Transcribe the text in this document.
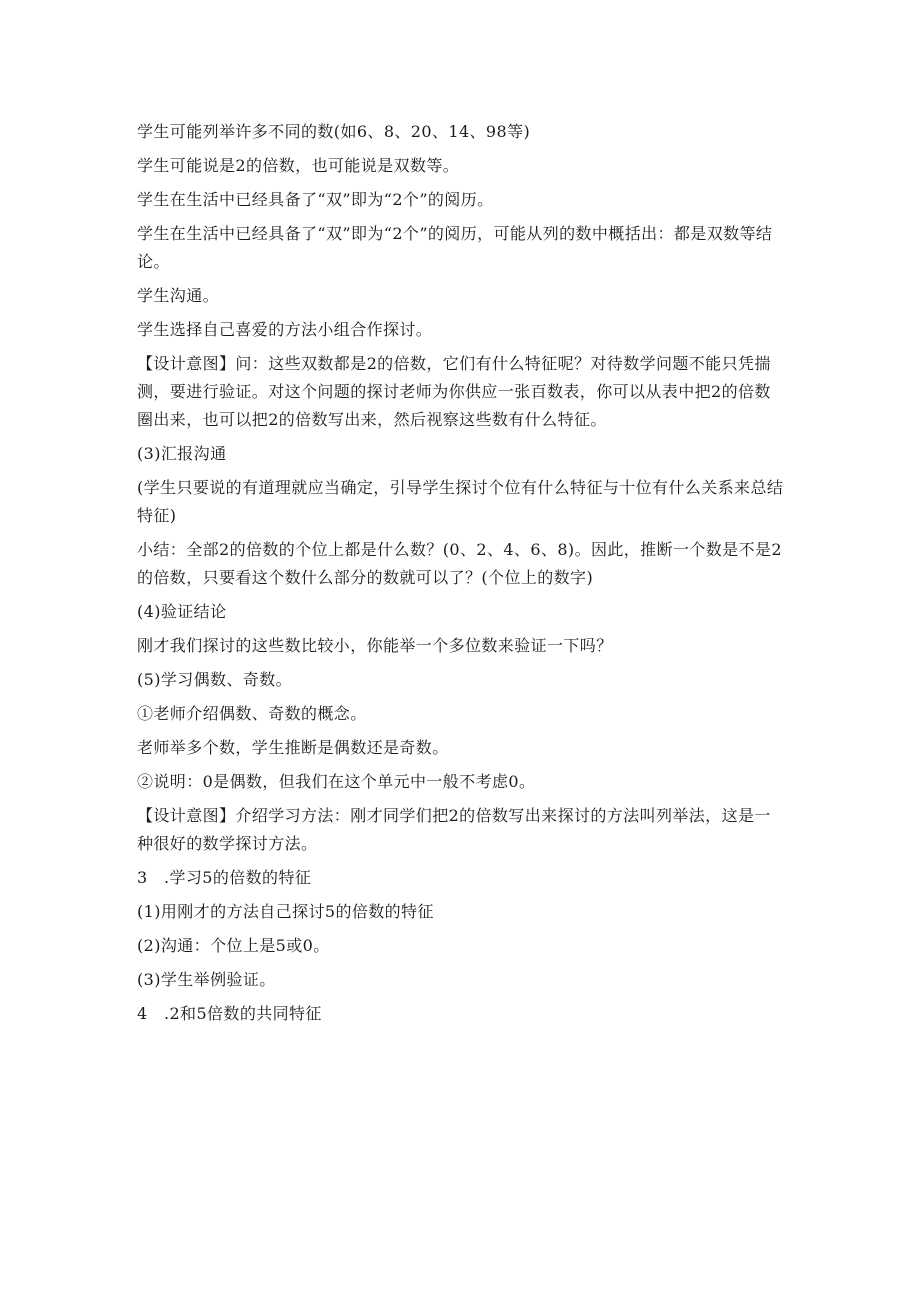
学生可能列举许多不同的数(如6、8、20、14、98等)

学生可能说是2的倍数，也可能说是双数等。

学生在生活中已经具备了“双”即为“2个”的阅历。

学生在生活中已经具备了“双”即为“2个”的阅历，可能从列的数中概括出：都是双数等结论。

学生沟通。

学生选择自己喜爱的方法小组合作探讨。

【设计意图】问：这些双数都是2的倍数，它们有什么特征呢？对待数学问题不能只凭揣测，要进行验证。对这个问题的探讨老师为你供应一张百数表，你可以从表中把2的倍数圈出来，也可以把2的倍数写出来，然后视察这些数有什么特征。

(3)汇报沟通

(学生只要说的有道理就应当确定，引导学生探讨个位有什么特征与十位有什么关系来总结特征)

小结：全部2的倍数的个位上都是什么数？(0、2、4、6、8)。因此，推断一个数是不是2的倍数，只要看这个数什么部分的数就可以了？(个位上的数字)

(4)验证结论

刚才我们探讨的这些数比较小，你能举一个多位数来验证一下吗？

(5)学习偶数、奇数。

①老师介绍偶数、奇数的概念。

老师举多个数，学生推断是偶数还是奇数。

②说明：0是偶数，但我们在这个单元中一般不考虑0。

【设计意图】介绍学习方法：刚才同学们把2的倍数写出来探讨的方法叫列举法，这是一种很好的数学探讨方法。

3　.学习5的倍数的特征

(1)用刚才的方法自己探讨5的倍数的特征

(2)沟通：个位上是5或0。

(3)学生举例验证。

4　.2和5倍数的共同特征
